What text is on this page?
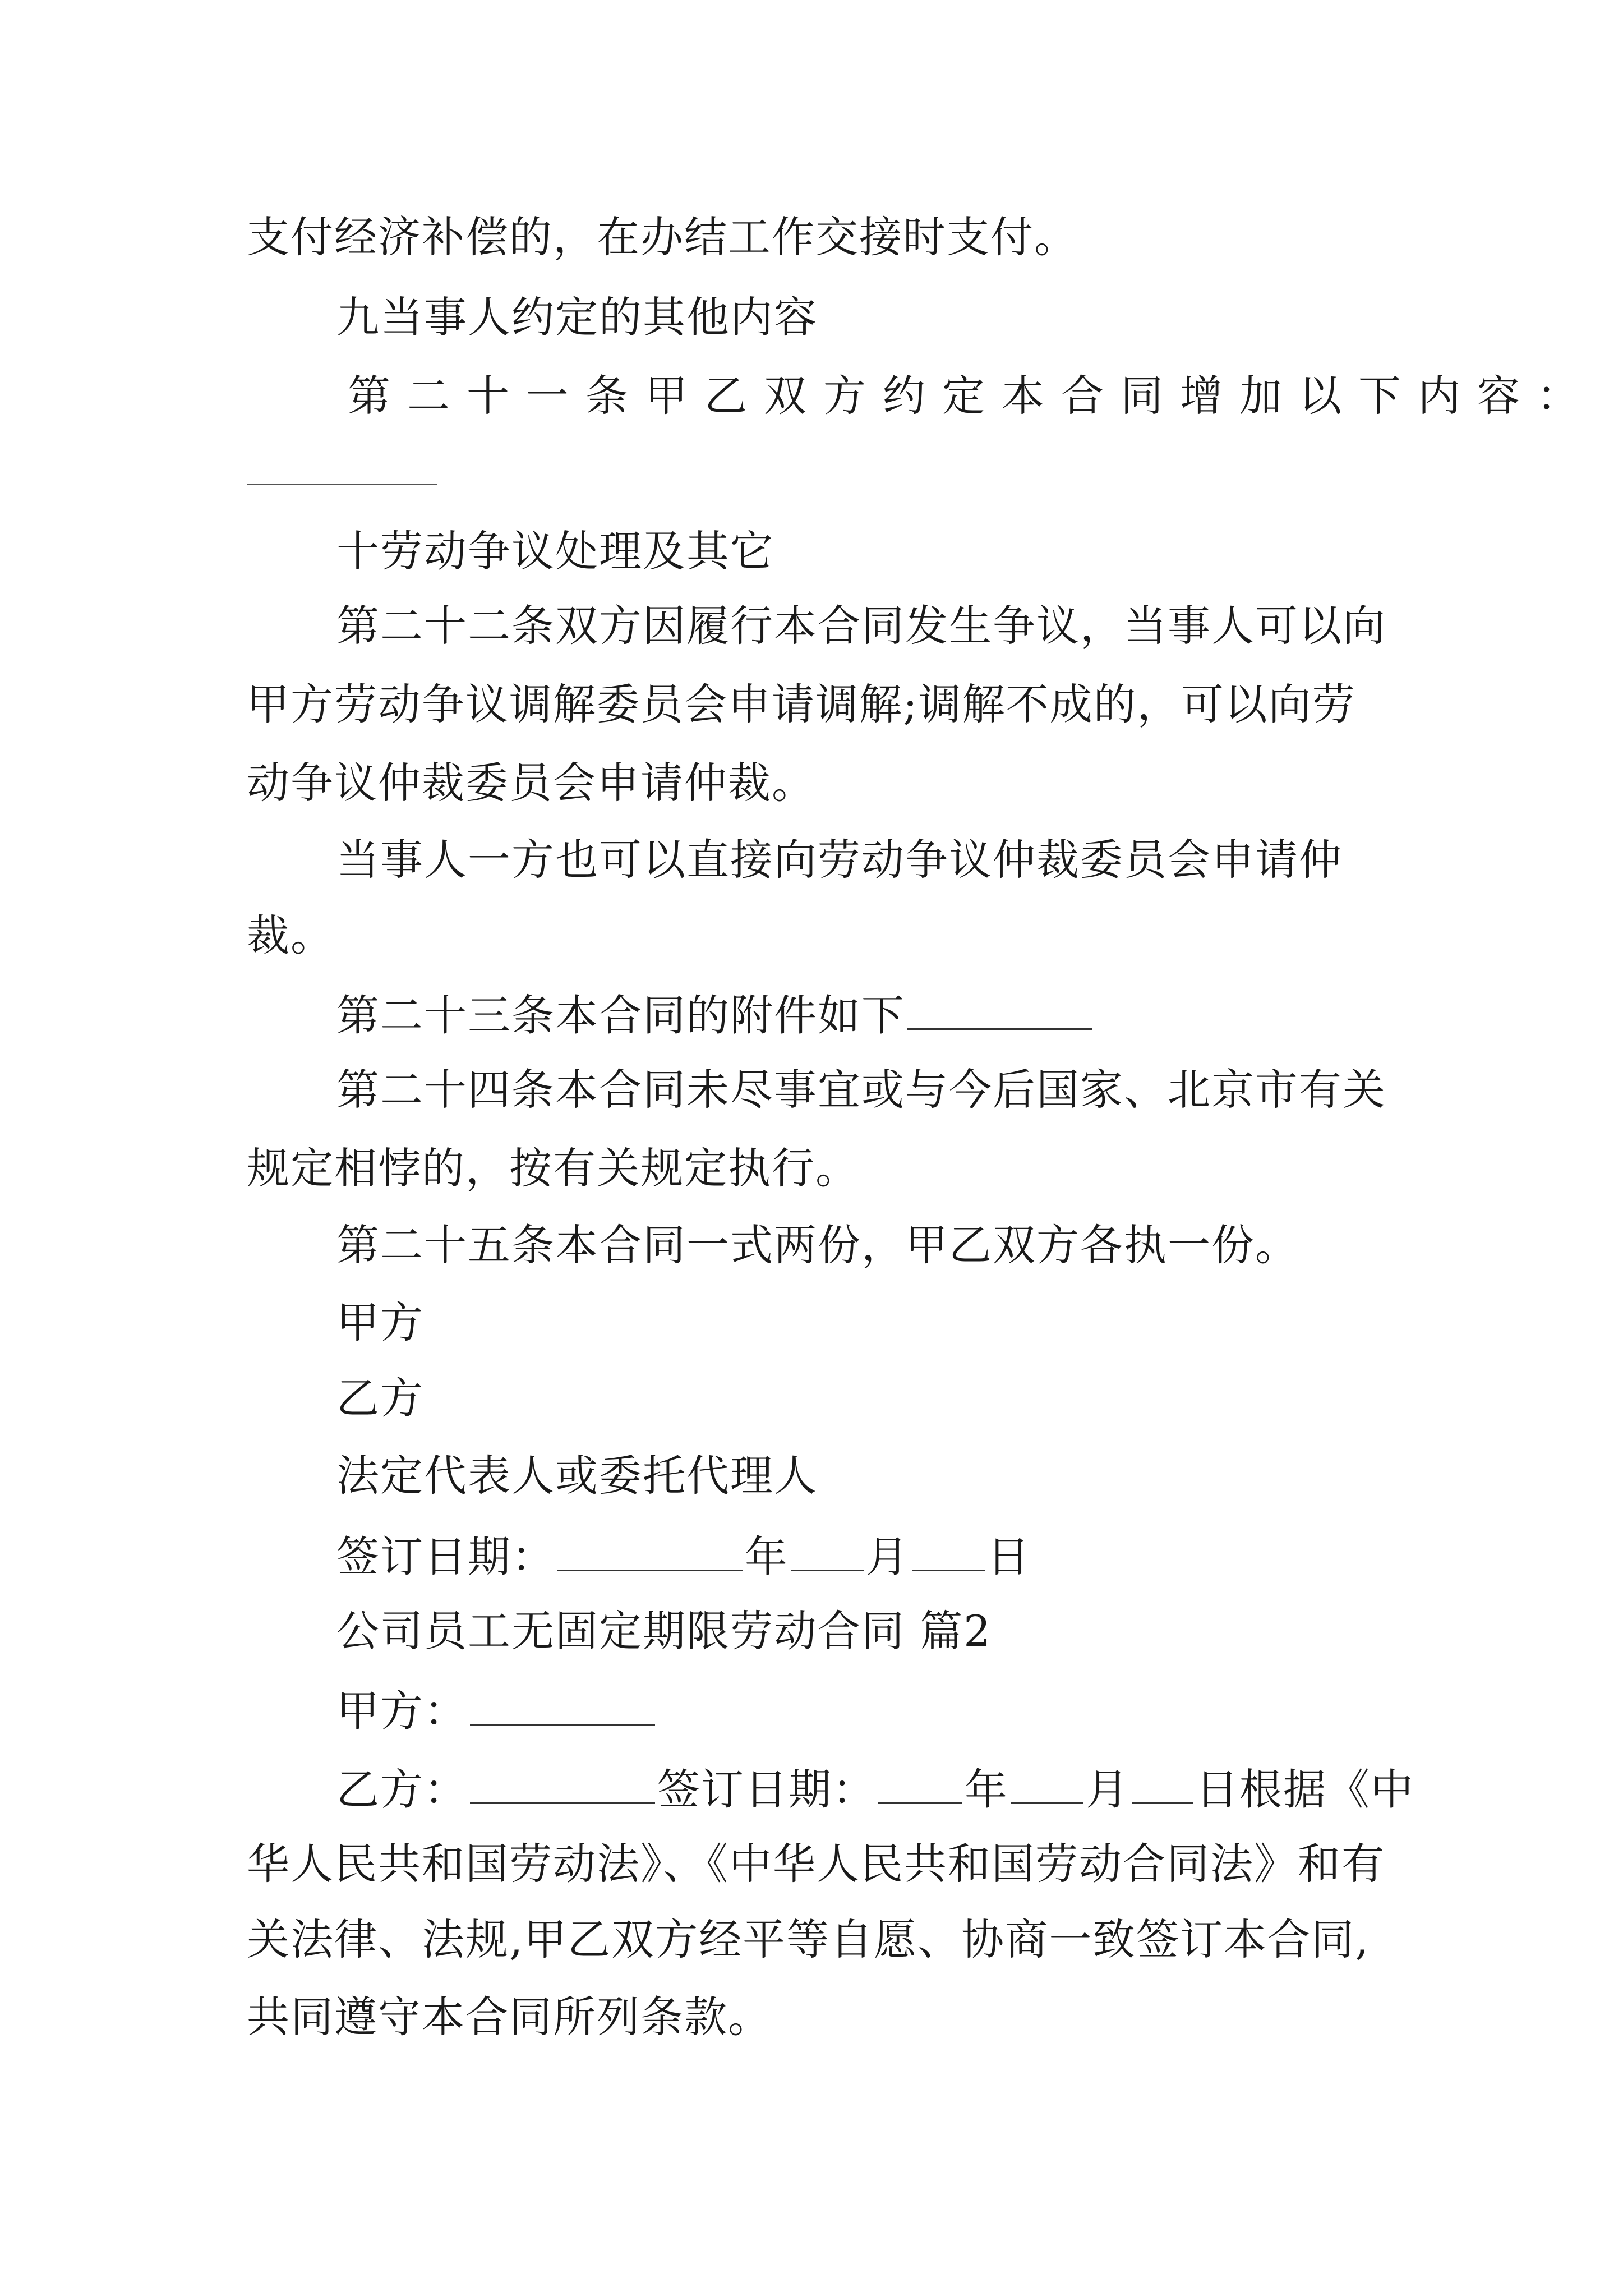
支付经济补偿的，在办结工作交接时支付。
九当事人约定的其他内容
第二十一条甲乙双方约定本合同增加以下内容：
十劳动争议处理及其它
第二十二条双方因履行本合同发生争议，当事人可以向
甲方劳动争议调解委员会申请调解;调解不成的，可以向劳
动争议仲裁委员会申请仲裁。
当事人一方也可以直接向劳动争议仲裁委员会申请仲
裁。
第二十三条本合同的附件如下
第二十四条本合同未尽事宜或与今后国家、北京市有关
规定相悖的，按有关规定执行。
第二十五条本合同一式两份，甲乙双方各执一份。
甲方
乙方
法定代表人或委托代理人
签订日期：	年 月 日
公司员工无固定期限劳动合同 篇2
甲方：
乙方：	签订日期： 年 月 日根据《中
华人民共和国劳动法》、《中华人民共和国劳动合同法》和有
关法律、法规,甲乙双方经平等自愿、协商一致签订本合同,
共同遵守本合同所列条款。
